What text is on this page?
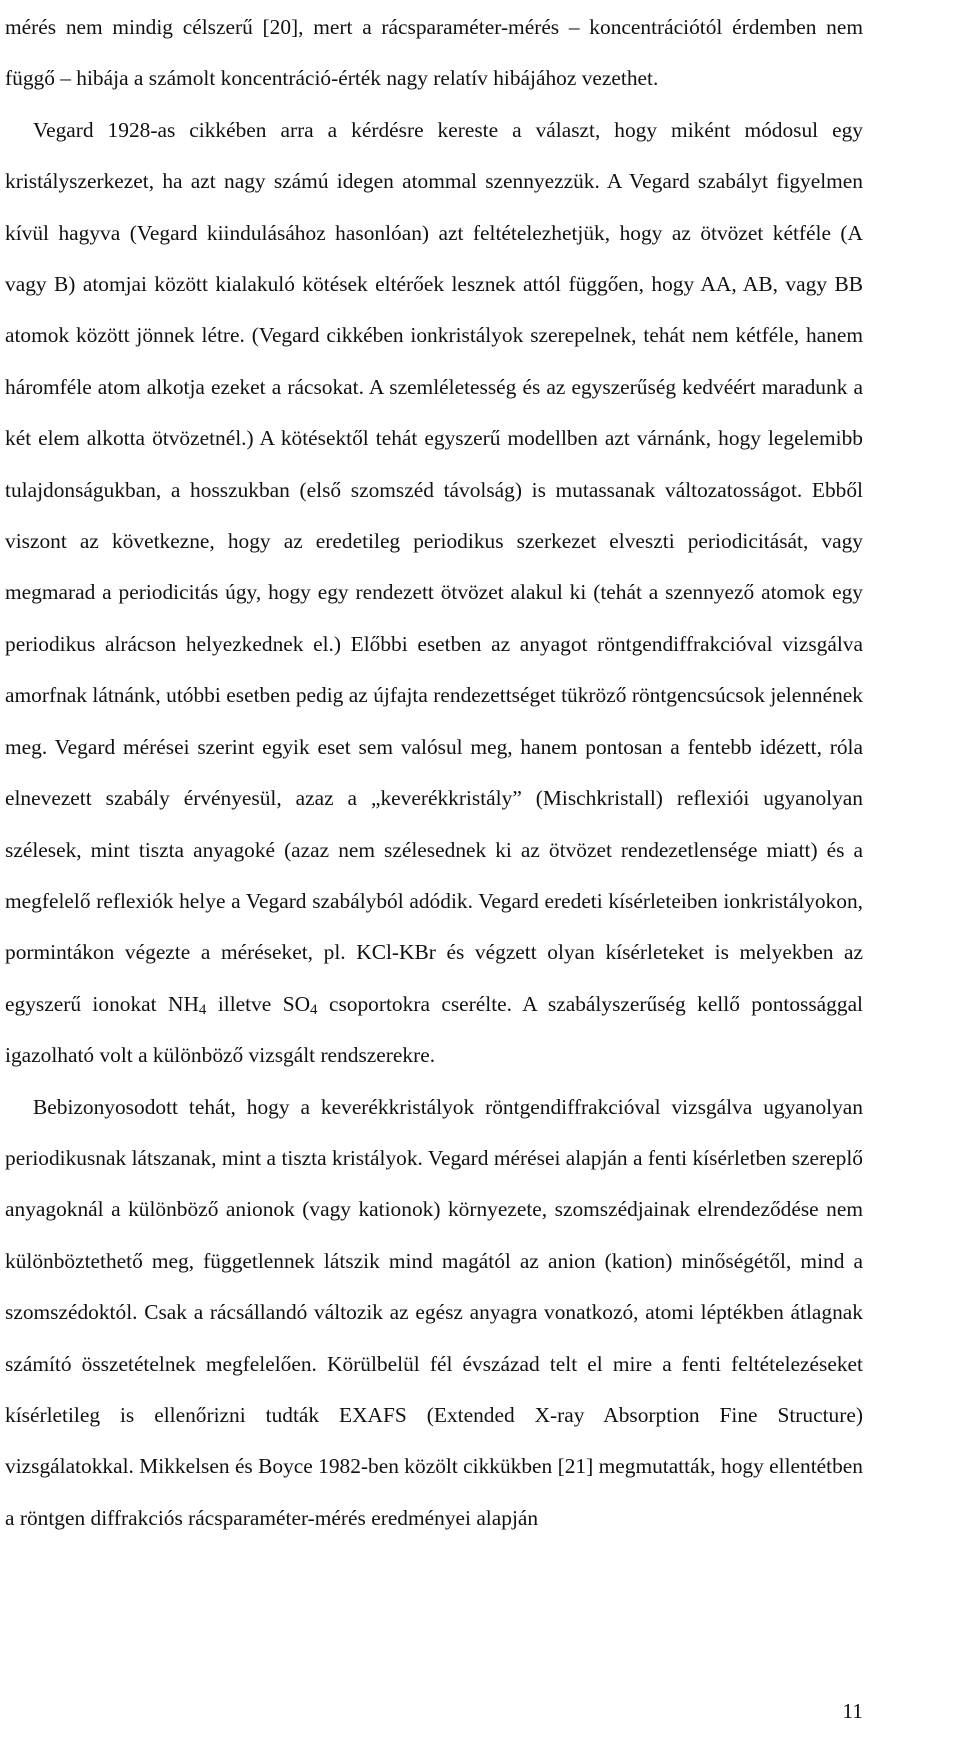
mérés nem mindig célszerű [20], mert a rácsparaméter-mérés – koncentrációtól érdemben nem függő – hibája a számolt koncentráció-érték nagy relatív hibájához vezethet.

Vegard 1928-as cikkében arra a kérdésre kereste a választ, hogy miként módosul egy kristályszerkezet, ha azt nagy számú idegen atommal szennyezzük. A Vegard szabályt figyelmen kívül hagyva (Vegard kiindulásához hasonlóan) azt feltételezhetjük, hogy az ötvözet kétféle (A vagy B) atomjai között kialakuló kötések eltérőek lesznek attól függően, hogy AA, AB, vagy BB atomok között jönnek létre. (Vegard cikkében ionkristályok szerepelnek, tehát nem kétféle, hanem háromféle atom alkotja ezeket a rácsokat. A szemléletesség és az egyszerűség kedvéért maradunk a két elem alkotta ötvözetnél.) A kötésektől tehát egyszerű modellben azt várnánk, hogy legelemibb tulajdonságukban, a hosszukban (első szomszéd távolság) is mutassanak változatosságot. Ebből viszont az következne, hogy az eredetileg periodikus szerkezet elveszti periodicitását, vagy megmarad a periodicitás úgy, hogy egy rendezett ötvözet alakul ki (tehát a szennyező atomok egy periodikus alrácson helyezkednek el.) Előbbi esetben az anyagot röntgendiffrakcióval vizsgálva amorfnak látnánk, utóbbi esetben pedig az újfajta rendezettséget tükröző röntgencsúcsok jelennének meg. Vegard mérései szerint egyik eset sem valósul meg, hanem pontosan a fentebb idézett, róla elnevezett szabály érvényesül, azaz a „keverékkristály” (Mischkristall) reflexiói ugyanolyan szélesek, mint tiszta anyagoké (azaz nem szélesednek ki az ötvözet rendezetlensége miatt) és a megfelelő reflexiók helye a Vegard szabályból adódik. Vegard eredeti kísérleteiben ionkristályokon, pormintákon végezte a méréseket, pl. KCl-KBr és végzett olyan kísérleteket is melyekben az egyszerű ionokat $NH_4$ illetve $SO_4$ csoportokra cserélte. A szabályszerűség kellő pontossággal igazolható volt a különböző vizsgált rendszerekre.

Bebizonyosodott tehát, hogy a keverékkristályok röntgendiffrakcióval vizsgálva ugyanolyan periodikusnak látszanak, mint a tiszta kristályok. Vegard mérései alapján a fenti kísérletben szereplő anyagoknál a különböző anionok (vagy kationok) környezete, szomszédjainak elrendeződése nem különböztethető meg, függetlennek látszik mind magától az anion (kation) minőségétől, mind a szomszédoktól. Csak a rácsállandó változik az egész anyagra vonatkozó, atomi léptékben átlagnak számító összetételnek megfelelően. Körülbelül fél évszázad telt el mire a fenti feltételezéseket kísérletileg is ellenőrizni tudták EXAFS (Extended X-ray Absorption Fine Structure) vizsgálatokkal. Mikkelsen és Boyce 1982-ben közölt cikkükben [21] megmutatták, hogy ellentétben a röntgen diffrakciós rácsparaméter-mérés eredményei alapján

11
